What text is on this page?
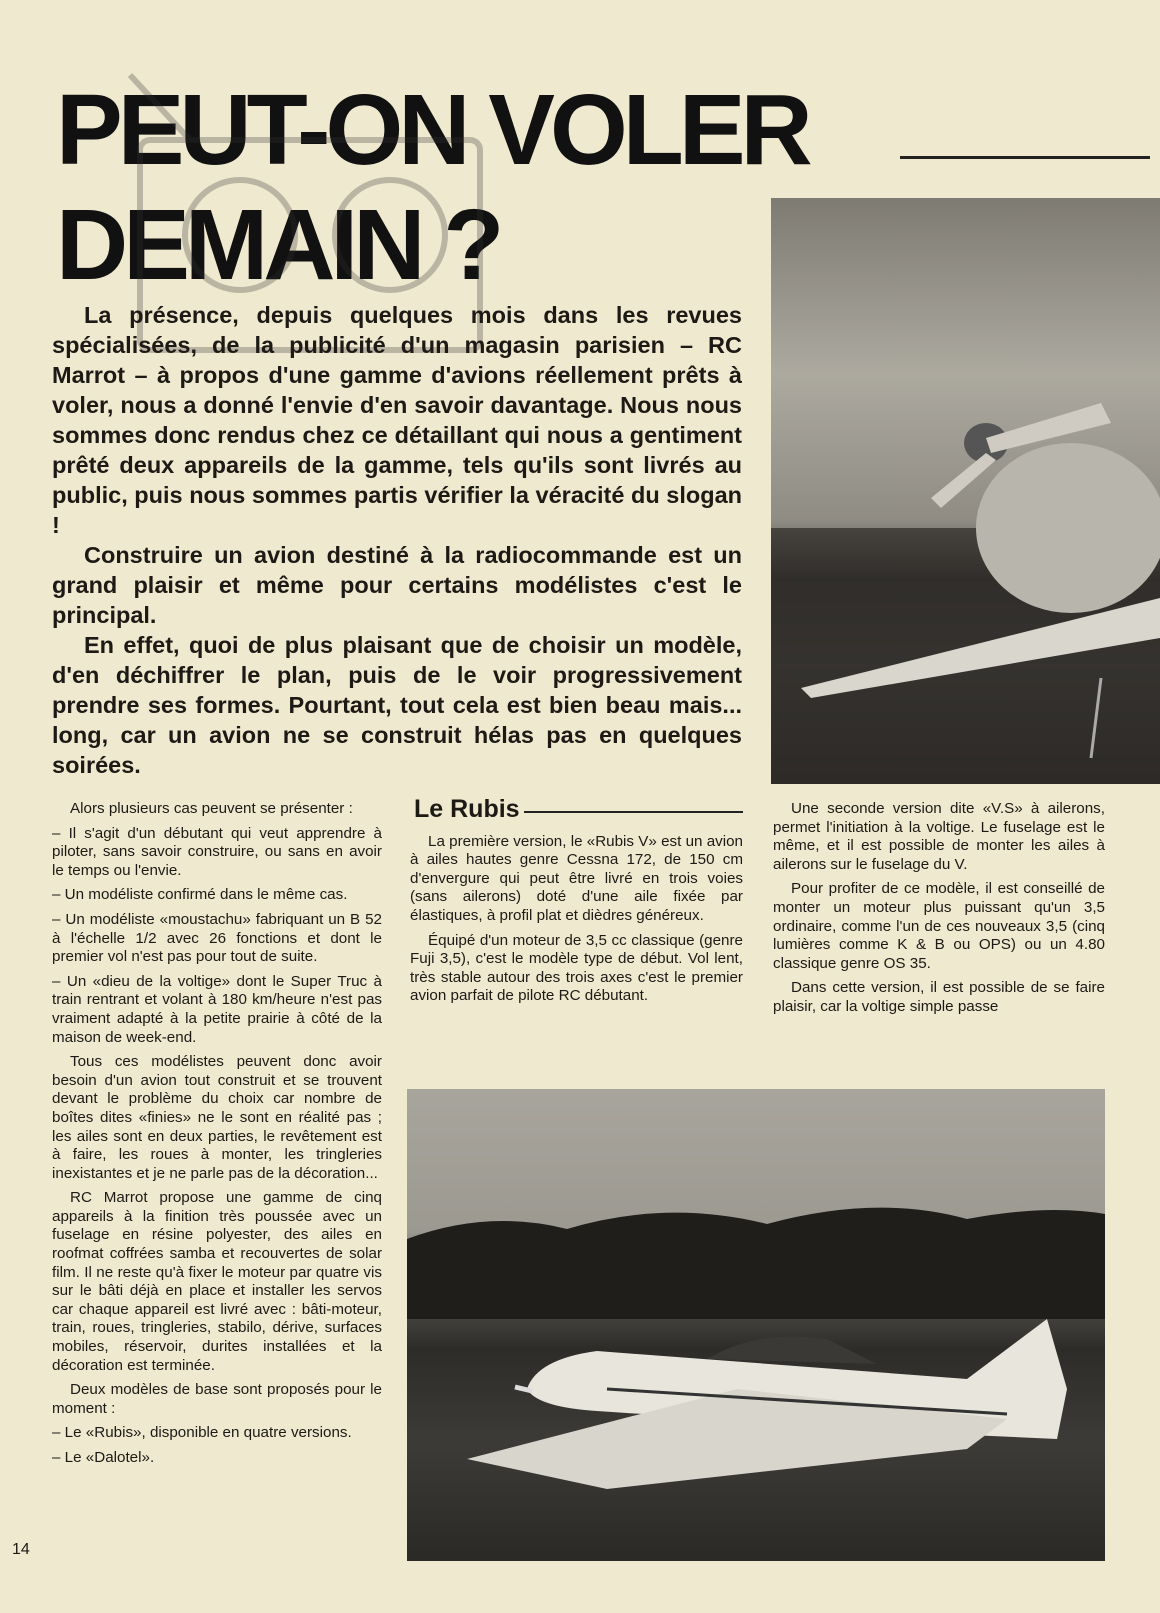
PEUT-ON VOLER
DEMAIN ?

La présence, depuis quelques mois dans les revues spécialisées, de la publicité d'un magasin parisien – RC Marrot – à propos d'une gamme d'avions réellement prêts à voler, nous a donné l'envie d'en savoir davantage. Nous nous sommes donc rendus chez ce détaillant qui nous a gentiment prêté deux appareils de la gamme, tels qu'ils sont livrés au public, puis nous sommes partis vérifier la véracité du slogan !

Construire un avion destiné à la radiocommande est un grand plaisir et même pour certains modélistes c'est le principal.

En effet, quoi de plus plaisant que de choisir un modèle, d'en déchiffrer le plan, puis de le voir progressivement prendre ses formes. Pourtant, tout cela est bien beau mais... long, car un avion ne se construit hélas pas en quelques soirées.

Alors plusieurs cas peuvent se présenter :

– Il s'agit d'un débutant qui veut apprendre à piloter, sans savoir construire, ou sans en avoir le temps ou l'envie.

– Un modéliste confirmé dans le même cas.

– Un modéliste «moustachu» fabriquant un B 52 à l'échelle 1/2 avec 26 fonctions et dont le premier vol n'est pas pour tout de suite.

– Un «dieu de la voltige» dont le Super Truc à train rentrant et volant à 180 km/heure n'est pas vraiment adapté à la petite prairie à côté de la maison de week-end.

Tous ces modélistes peuvent donc avoir besoin d'un avion tout construit et se trouvent devant le problème du choix car nombre de boîtes dites «finies» ne le sont en réalité pas ; les ailes sont en deux parties, le revêtement est à faire, les roues à monter, les tringleries inexistantes et je ne parle pas de la décoration...

RC Marrot propose une gamme de cinq appareils à la finition très poussée avec un fuselage en résine polyester, des ailes en roofmat coffrées samba et recouvertes de solar film. Il ne reste qu'à fixer le moteur par quatre vis sur le bâti déjà en place et installer les servos car chaque appareil est livré avec : bâti-moteur, train, roues, tringleries, stabilo, dérive, surfaces mobiles, réservoir, durites installées et la décoration est terminée.

Deux modèles de base sont proposés pour le moment :

– Le «Rubis», disponible en quatre versions.

– Le «Dalotel».

Le Rubis

La première version, le «Rubis V» est un avion à ailes hautes genre Cessna 172, de 150 cm d'envergure qui peut être livré en trois voies (sans ailerons) doté d'une aile fixée par élastiques, à profil plat et dièdres généreux.

Équipé d'un moteur de 3,5 cc classique (genre Fuji 3,5), c'est le modèle type de début. Vol lent, très stable autour des trois axes c'est le premier avion parfait de pilote RC débutant.

Une seconde version dite «V.S» à ailerons, permet l'initiation à la voltige. Le fuselage est le même, et il est possible de monter les ailes à ailerons sur le fuselage du V.

Pour profiter de ce modèle, il est conseillé de monter un moteur plus puissant qu'un 3,5 ordinaire, comme l'un de ces nouveaux 3,5 (cinq lumières comme K & B ou OPS) ou un 4.80 classique genre OS 35.

Dans cette version, il est possible de se faire plaisir, car la voltige simple passe

14
